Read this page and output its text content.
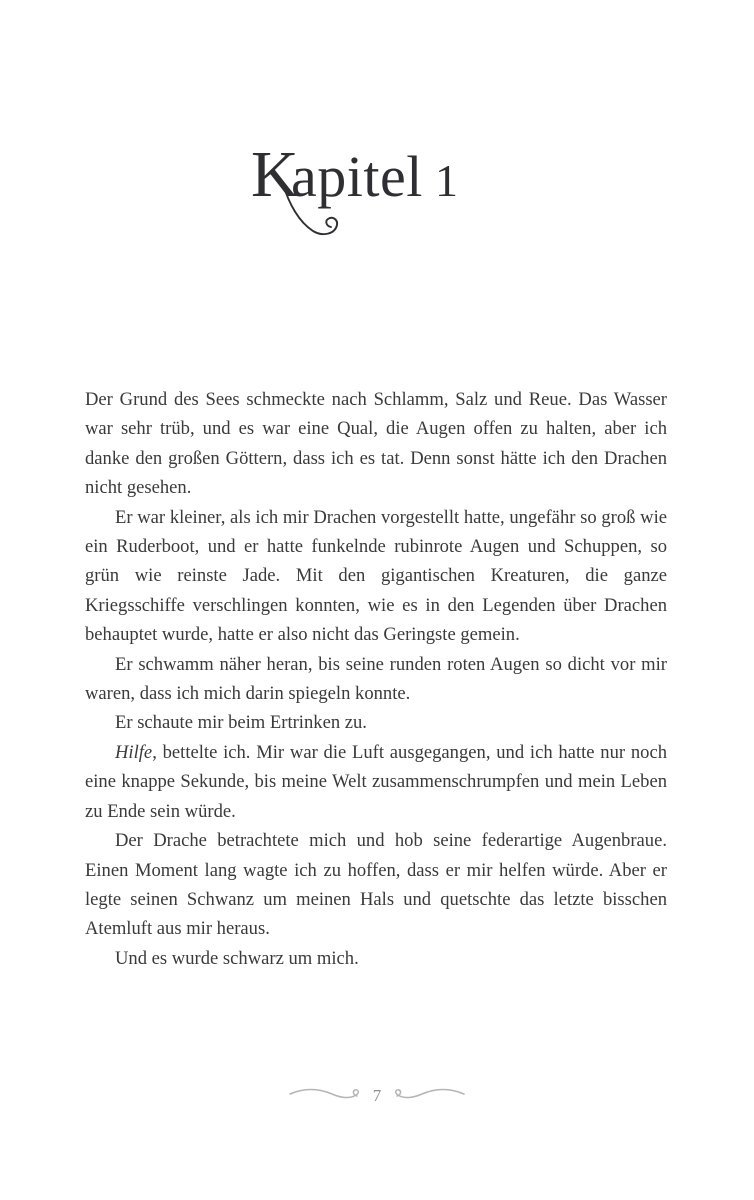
K
apitel 1

Der Grund des Sees schmeckte nach Schlamm, Salz und Reue. Das Wasser war sehr trüb, und es war eine Qual, die Augen offen zu halten, aber ich danke den großen Göttern, dass ich es tat. Denn sonst hätte ich den Drachen nicht gesehen.

Er war kleiner, als ich mir Drachen vorgestellt hatte, ungefähr so groß wie ein Ruderboot, und er hatte funkelnde rubinrote Augen und Schuppen, so grün wie reinste Jade. Mit den gigantischen Kreaturen, die ganze Kriegsschiffe verschlingen konnten, wie es in den Legenden über Drachen behauptet wurde, hatte er also nicht das Geringste gemein.

Er schwamm näher heran, bis seine runden roten Augen so dicht vor mir waren, dass ich mich darin spiegeln konnte.

Er schaute mir beim Ertrinken zu.

Hilfe, bettelte ich. Mir war die Luft ausgegangen, und ich hatte nur noch eine knappe Sekunde, bis meine Welt zusammenschrumpfen und mein Leben zu Ende sein würde.

Der Drache betrachtete mich und hob seine federartige Augenbraue. Einen Moment lang wagte ich zu hoffen, dass er mir helfen würde. Aber er legte seinen Schwanz um meinen Hals und quetschte das letzte bisschen Atemluft aus mir heraus.

Und es wurde schwarz um mich.

7
